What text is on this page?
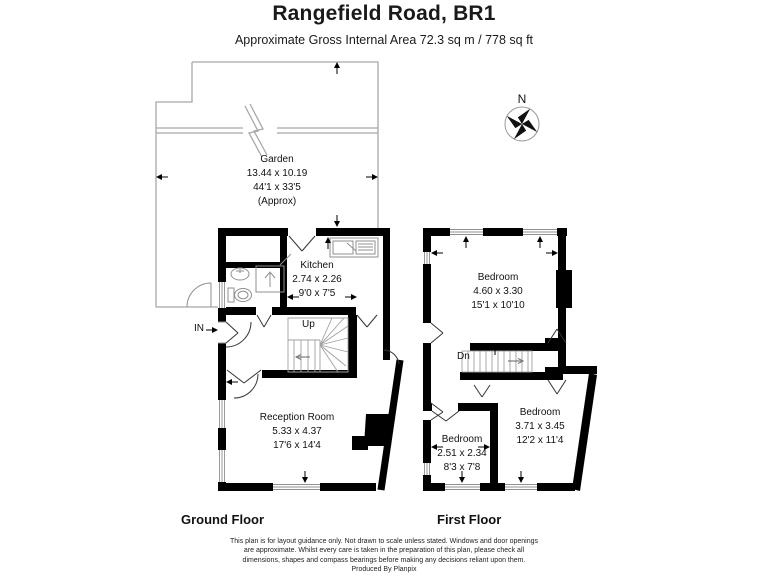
Rangefield Road, BR1
Approximate Gross Internal Area 72.3 sq m / 778 sq ft
N
Garden
13.44 x 10.19
44'1 x 33'5
(Approx)
Kitchen
2.74 x 2.26
9'0 x 7'5
Reception Room
5.33 x 4.37
17'6 x 14'4
Up
IN
Dn
Bedroom
4.60 x 3.30
15'1 x 10'10
Bedroom
3.71 x 3.45
12'2 x 11'4
Bedroom
2.51 x 2.34
8'3 x 7'8
Ground Floor	First Floor
This plan is for layout guidance only. Not drawn to scale unless stated. Windows and door openings
are approximate. Whilst every care is taken in the preparation of this plan, please check all
dimensions, shapes and compass bearings before making any decisions reliant upon them.
Produced By Planpix
